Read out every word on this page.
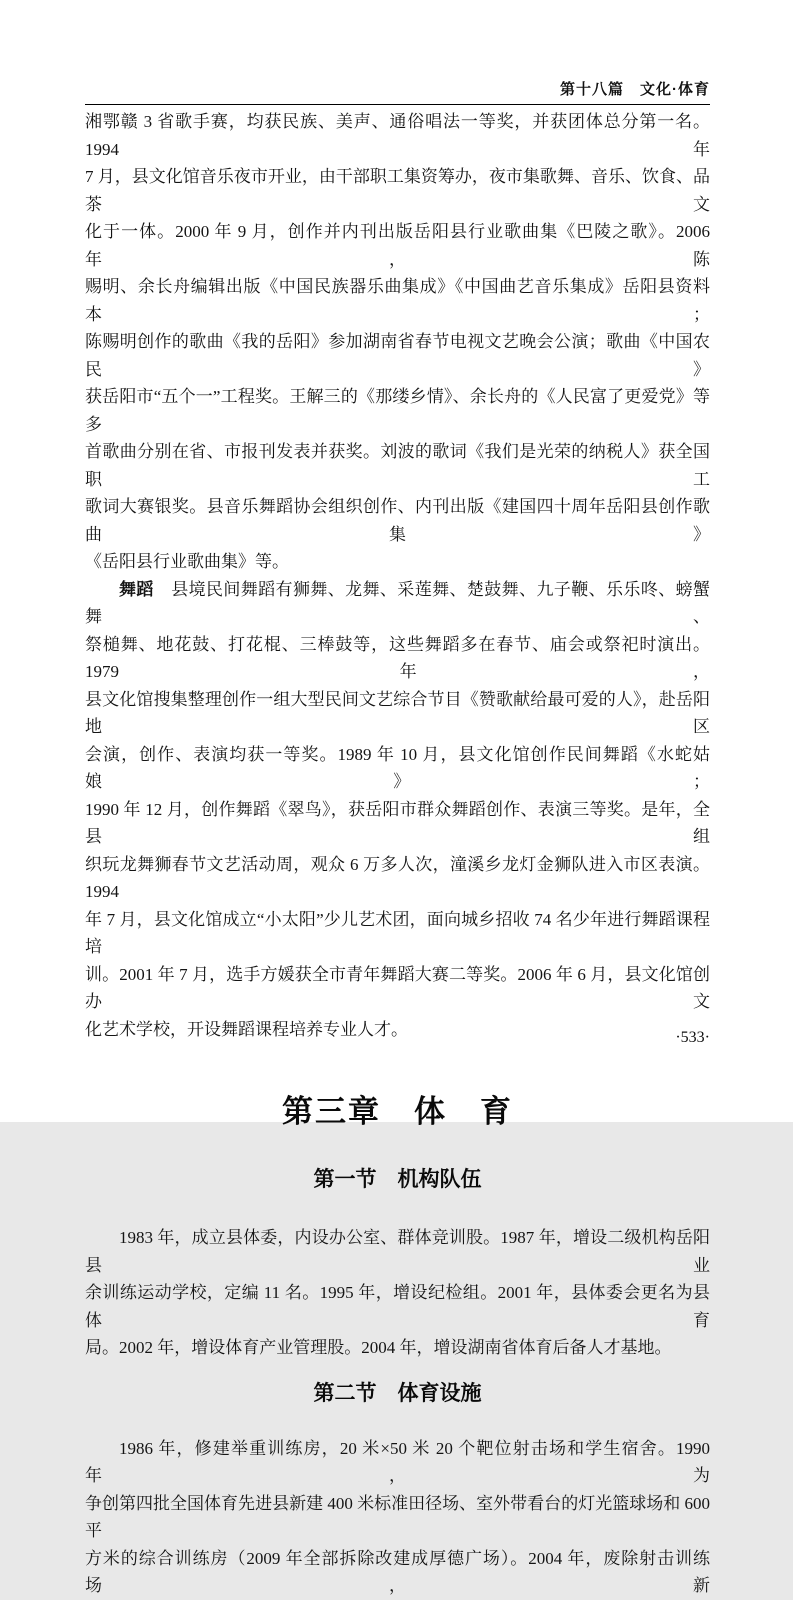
第十八篇　文化·体育
湘鄂赣 3 省歌手赛，均获民族、美声、通俗唱法一等奖，并获团体总分第一名。1994 年
7 月，县文化馆音乐夜市开业，由干部职工集资筹办，夜市集歌舞、音乐、饮食、品茶文
化于一体。2000 年 9 月，创作并内刊出版岳阳县行业歌曲集《巴陵之歌》。2006 年，陈
赐明、余长舟编辑出版《中国民族器乐曲集成》《中国曲艺音乐集成》岳阳县资料本；
陈赐明创作的歌曲《我的岳阳》参加湖南省春节电视文艺晚会公演；歌曲《中国农民》
获岳阳市“五个一”工程奖。王解三的《那缕乡情》、余长舟的《人民富了更爱党》等多
首歌曲分别在省、市报刊发表并获奖。刘波的歌词《我们是光荣的纳税人》获全国职工
歌词大赛银奖。县音乐舞蹈协会组织创作、内刊出版《建国四十周年岳阳县创作歌曲集》
《岳阳县行业歌曲集》等。
舞蹈　县境民间舞蹈有狮舞、龙舞、采莲舞、楚鼓舞、九子鞭、乐乐咚、螃蟹舞、
祭槌舞、地花鼓、打花棍、三棒鼓等，这些舞蹈多在春节、庙会或祭祀时演出。1979 年，
县文化馆搜集整理创作一组大型民间文艺综合节目《赞歌献给最可爱的人》，赴岳阳地区
会演，创作、表演均获一等奖。1989 年 10 月，县文化馆创作民间舞蹈《水蛇姑娘》；
1990 年 12 月，创作舞蹈《翠鸟》，获岳阳市群众舞蹈创作、表演三等奖。是年，全县组
织玩龙舞狮春节文艺活动周，观众 6 万多人次，潼溪乡龙灯金狮队进入市区表演。1994
年 7 月，县文化馆成立“小太阳”少儿艺术团，面向城乡招收 74 名少年进行舞蹈课程培
训。2001 年 7 月，选手方媛获全市青年舞蹈大赛二等奖。2006 年 6 月，县文化馆创办文
化艺术学校，开设舞蹈课程培养专业人才。
第三章　体　育
第一节　机构队伍
1983 年，成立县体委，内设办公室、群体竞训股。1987 年，增设二级机构岳阳县业
余训练运动学校，定编 11 名。1995 年，增设纪检组。2001 年，县体委会更名为县体育
局。2002 年，增设体育产业管理股。2004 年，增设湖南省体育后备人才基地。
第二节　体育设施
1986 年，修建举重训练房，20 米×50 米 20 个靶位射击场和学生宿舍。1990 年，为
争创第四批全国体育先进县新建 400 米标准田径场、室外带看台的灯光篮球场和 600 平
方米的综合训练房（2009 年全部拆除改建成厚德广场）。2004 年，废除射击训练场，新
·533·
